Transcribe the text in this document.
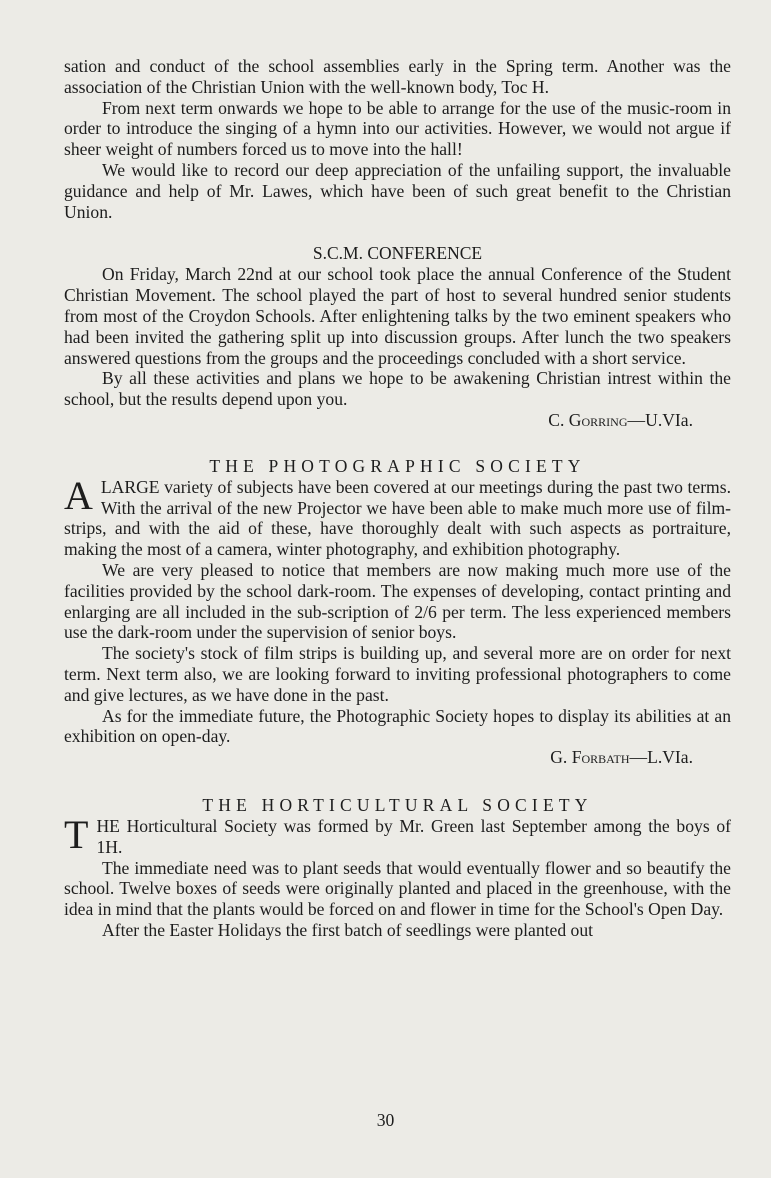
sation and conduct of the school assemblies early in the Spring term. Another was the association of the Christian Union with the well-known body, Toc H.

From next term onwards we hope to be able to arrange for the use of the music-room in order to introduce the singing of a hymn into our activities. However, we would not argue if sheer weight of numbers forced us to move into the hall!

We would like to record our deep appreciation of the unfailing support, the invaluable guidance and help of Mr. Lawes, which have been of such great benefit to the Christian Union.

S.C.M. CONFERENCE

On Friday, March 22nd at our school took place the annual Conference of the Student Christian Movement. The school played the part of host to several hundred senior students from most of the Croydon Schools. After enlightening talks by the two eminent speakers who had been invited the gathering split up into discussion groups. After lunch the two speakers answered questions from the groups and the proceedings concluded with a short service.

By all these activities and plans we hope to be awakening Christian intrest within the school, but the results depend upon you.

C. Gorring—U.VIa.
THE PHOTOGRAPHIC SOCIETY

ALARGE variety of subjects have been covered at our meetings during the past two terms. With the arrival of the new Projector we have been able to make much more use of film-strips, and with the aid of these, have thoroughly dealt with such aspects as portraiture, making the most of a camera, winter photography, and exhibition photography.

We are very pleased to notice that members are now making much more use of the facilities provided by the school dark-room. The expenses of developing, contact printing and enlarging are all included in the sub-scription of 2/6 per term. The less experienced members use the dark-room under the supervision of senior boys.

The society's stock of film strips is building up, and several more are on order for next term. Next term also, we are looking forward to inviting professional photographers to come and give lectures, as we have done in the past.

As for the immediate future, the Photographic Society hopes to display its abilities at an exhibition on open-day.

G. Forbath—L.VIa.
THE HORTICULTURAL SOCIETY

THE Horticultural Society was formed by Mr. Green last September among the boys of 1H.

The immediate need was to plant seeds that would eventually flower and so beautify the school. Twelve boxes of seeds were originally planted and placed in the greenhouse, with the idea in mind that the plants would be forced on and flower in time for the School's Open Day.

After the Easter Holidays the first batch of seedlings were planted out

30
